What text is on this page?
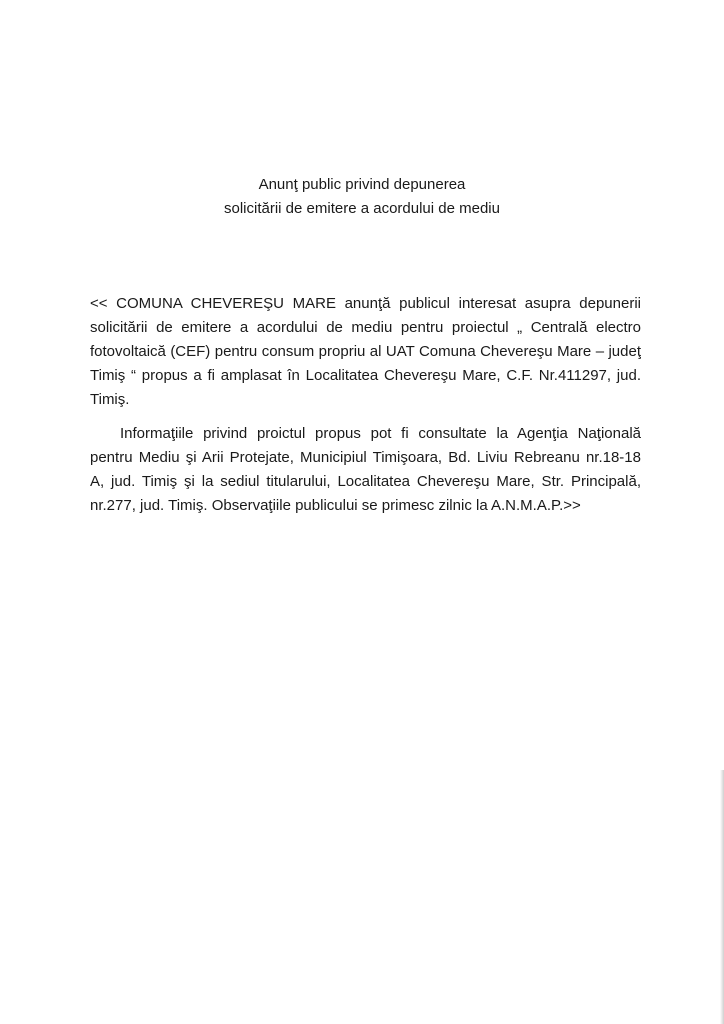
Anunţ public privind depunerea
solicitării de emitere a acordului de mediu

<< COMUNA CHEVEREŞU MARE anunţă publicul interesat asupra depunerii
solicitării de emitere a acordului de mediu pentru proiectul „ Centrală electro
fotovoltaică (CEF) pentru consum propriu al UAT Comuna Chevereşu Mare – judeţ
Timiş “ propus a fi amplasat în Localitatea Chevereşu Mare, C.F. Nr.411297, jud.
Timiş.

Informaţiile privind proictul propus pot fi consultate la Agenţia Naţională
pentru Mediu şi Arii Protejate, Municipiul Timişoara, Bd. Liviu Rebreanu nr.18-18
A, jud. Timiş şi la sediul titularului, Localitatea Chevereşu Mare, Str. Principală,
nr.277, jud. Timiş. Observaţiile publicului se primesc zilnic la A.N.M.A.P.>>
